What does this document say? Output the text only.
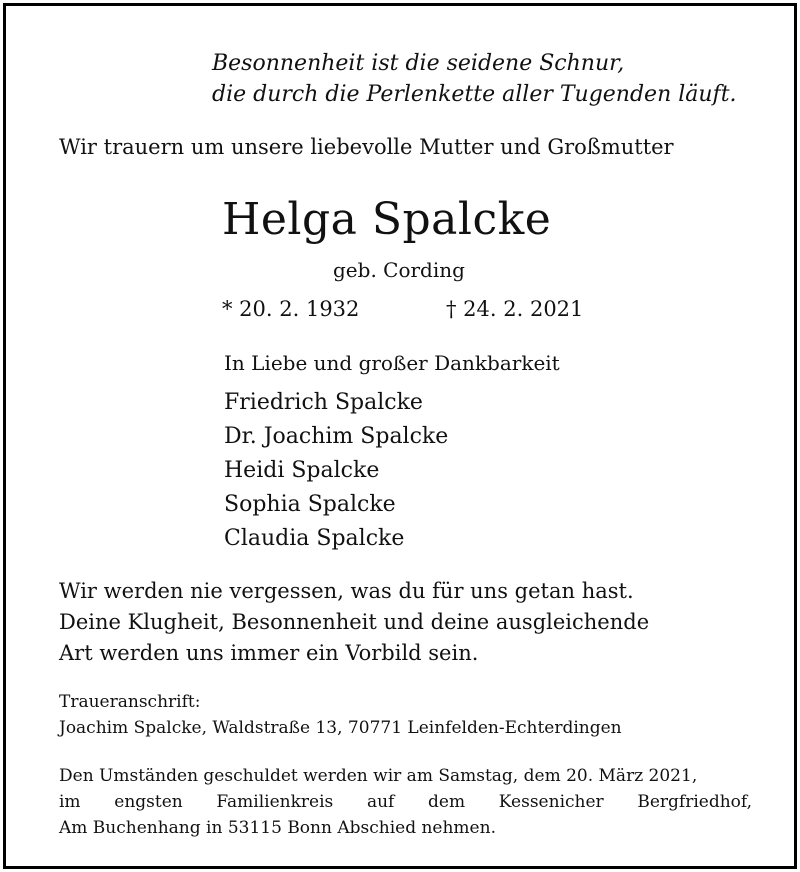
Besonnenheit ist die seidene Schnur,
die durch die Perlenkette aller Tugenden läuft.
Wir trauern um unsere liebevolle Mutter und Großmutter
Helga Spalcke
geb. Cording
* 20. 2. 1932	† 24. 2. 2021
In Liebe und großer Dankbarkeit
Friedrich Spalcke
Dr. Joachim Spalcke
Heidi Spalcke
Sophia Spalcke
Claudia Spalcke
Wir werden nie vergessen, was du für uns getan hast.
Deine Klugheit, Besonnenheit und deine ausgleichende
Art werden uns immer ein Vorbild sein.
Traueranschrift:
Joachim Spalcke, Waldstraße 13, 70771 Leinfelden-Echterdingen
Den Umständen geschuldet werden wir am Samstag, dem 20. März 2021,
im engsten Familienkreis auf dem Kessenicher Bergfriedhof,
Am Buchenhang in 53115 Bonn Abschied nehmen.
